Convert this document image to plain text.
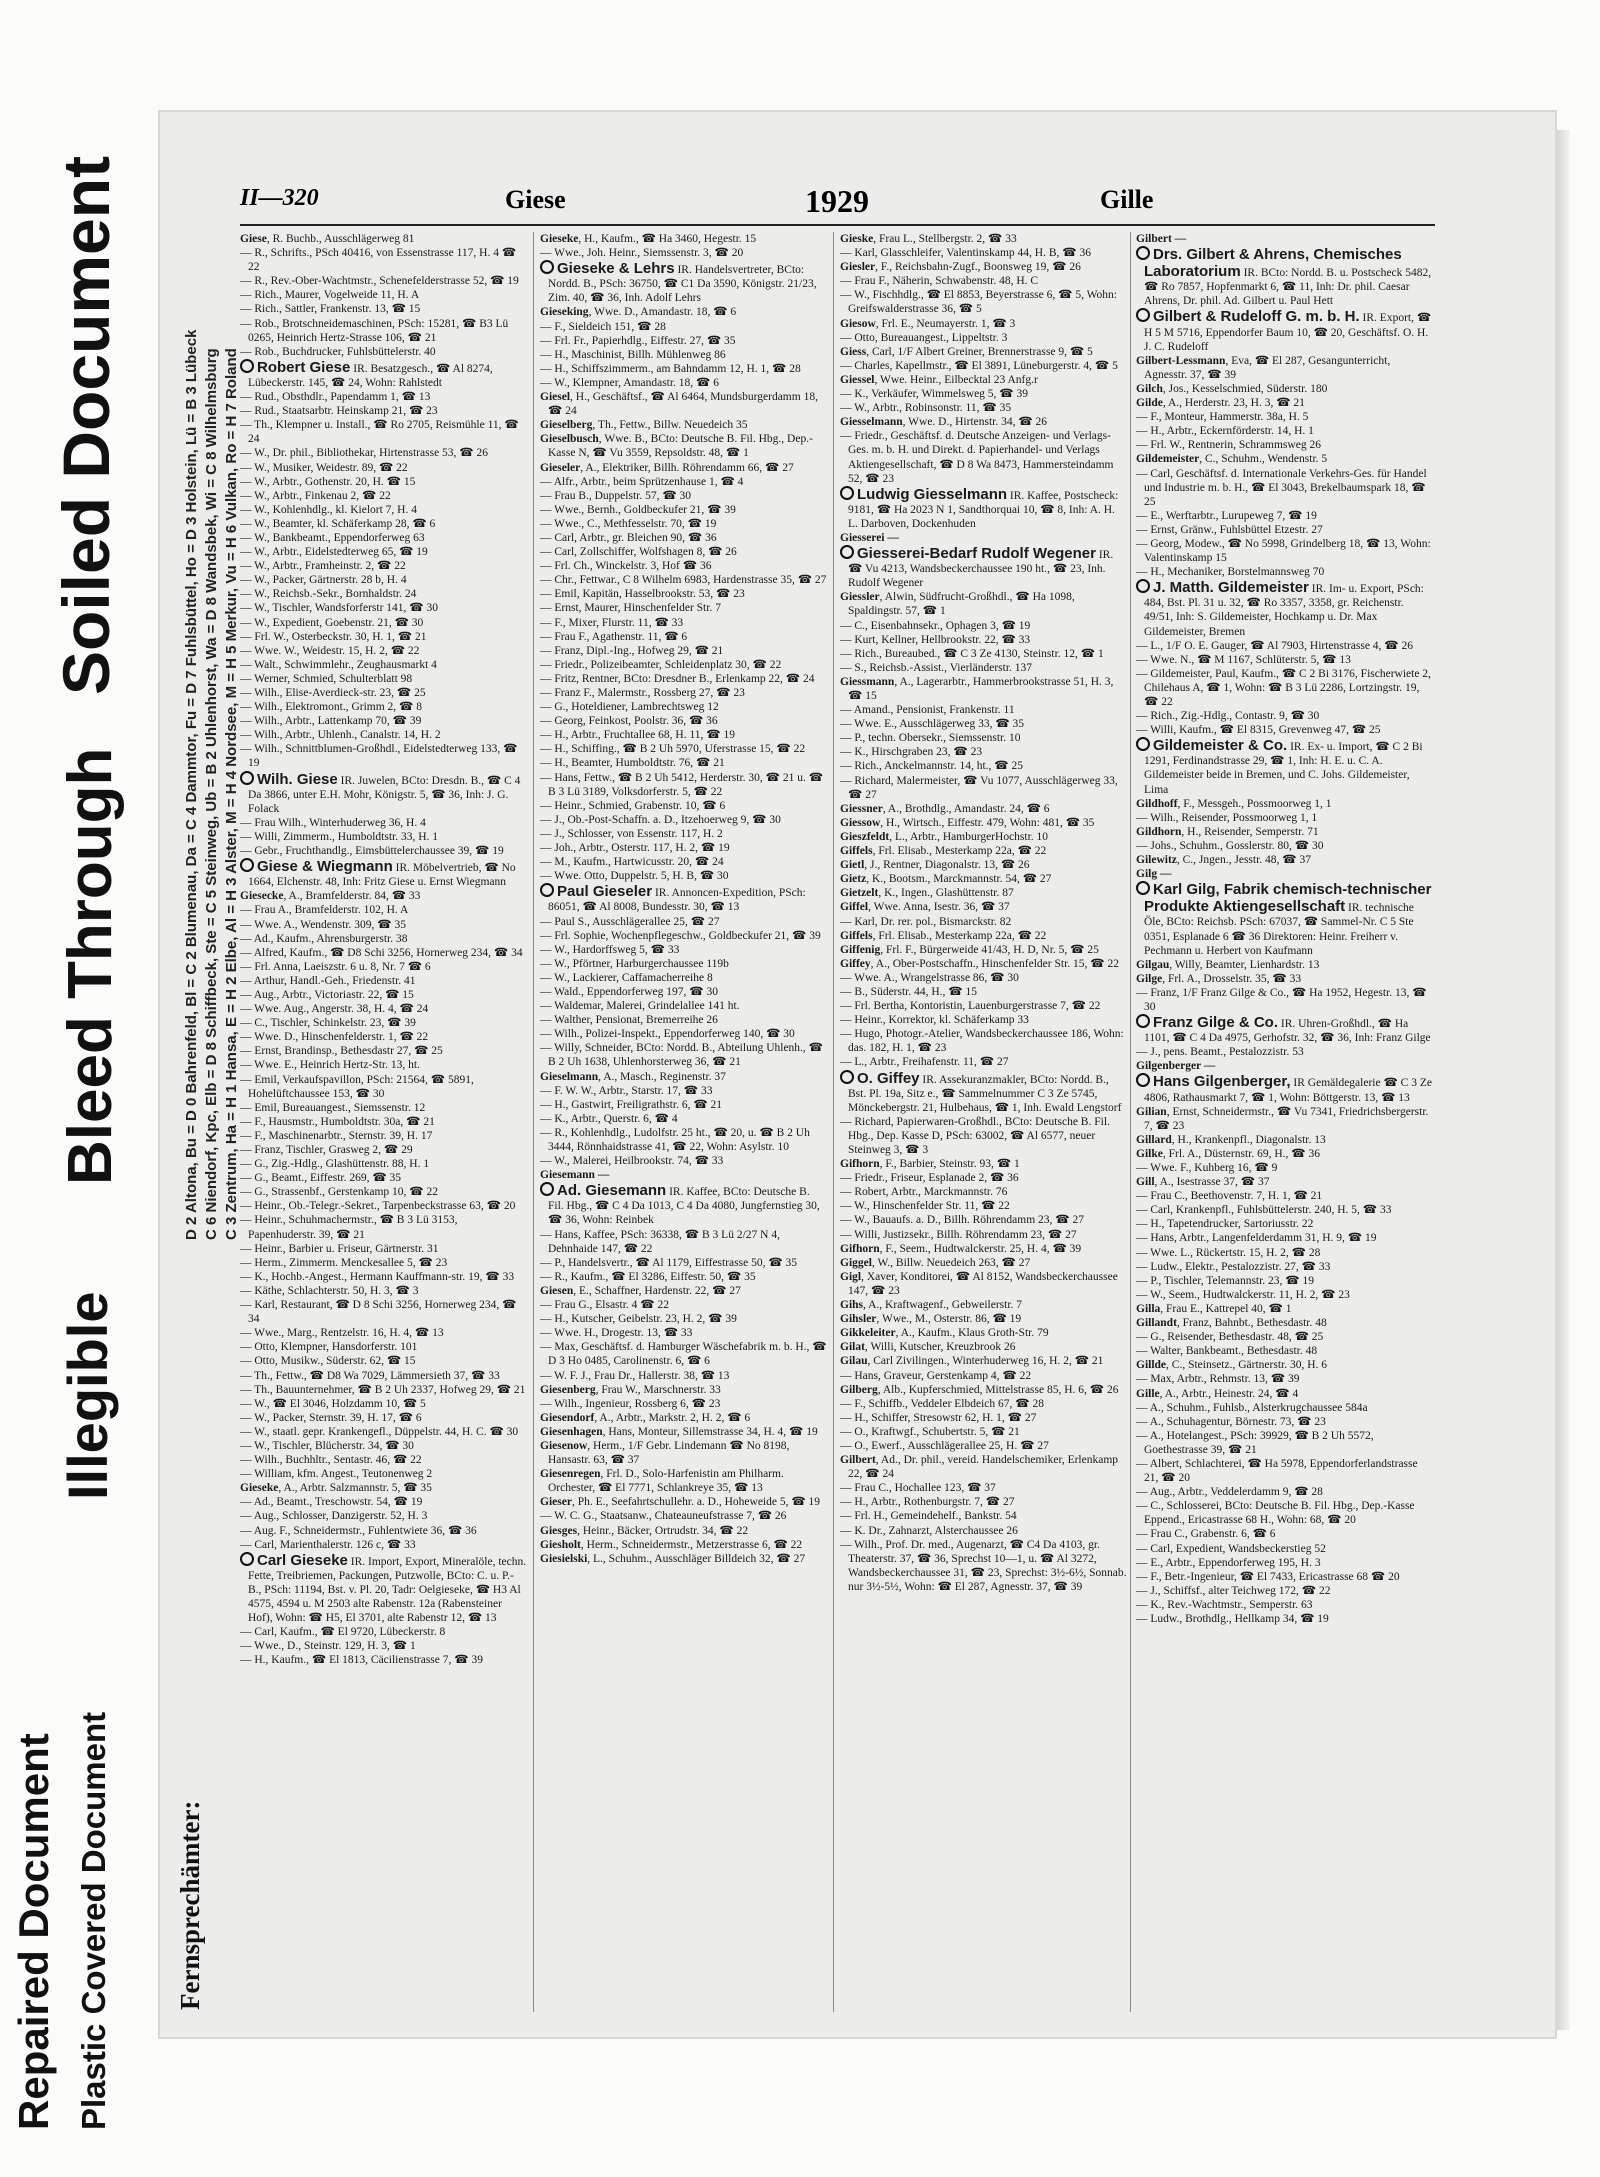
Soiled Document
Bleed Through
Illegible
Repaired Document Plastic Covered Document
D 2 Altona, Bu = D 0 Bahrenfeld, Bl = C 2 Blumenau, Da = C 4 Dammtor, Fu = D 7 Fuhlsbüttel, Ho = D 3 Holstein, Lü = B 3 Lübeck C 6 Niendorf, Kpc, Elb = D 8 Schiffbeck, Ste = C 5 Steinweg, Ub = B 2 Uhlenhorst, Wa = D 8 Wandsbek, Wi = C 8 Wilhelmsburg C 3 Zentrum, Ha = H 1 Hansa, E = H 2 Elbe, Al = H 3 Alster, M = H 4 Nordsee, M = H 5 Merkur, Vu = H 6 Vulkan, Ro = H 7 Roland
Fernsprechämter:
II—320	Giese	1929	Gille

Giese, R. Buchb., Ausschlägerweg 81

— R., Schrifts., PSch 40416, von Essenstrasse 117, H. 4 ☎ 22

— R., Rev.-Ober-Wachtmstr., Schenefelderstrasse 52, ☎ 19

— Rich., Maurer, Vogelweide 11, H. A

— Rich., Sattler, Frankenstr. 13, ☎ 15

— Rob., Brotschneidemaschinen, PSch: 15281, ☎ B3 Lü 0265, Heinrich Hertz-Strasse 106, ☎ 21

— Rob., Buchdrucker, Fuhlsbüttelerstr. 40

Robert Giese IR. Besatzgesch., ☎ Al 8274, Lübeckerstr. 145, ☎ 24, Wohn: Rahlstedt

— Rud., Obsthdlr., Papendamm 1, ☎ 13

— Rud., Staatsarbtr. Heinskamp 21, ☎ 23

— Th., Klempner u. Install., ☎ Ro 2705, Reismühle 11, ☎ 24

— W., Dr. phil., Bibliothekar, Hirtenstrasse 53, ☎ 26

— W., Musiker, Weidestr. 89, ☎ 22

— W., Arbtr., Gothenstr. 20, H. ☎ 15

— W., Arbtr., Finkenau 2, ☎ 22

— W., Kohlenhdlg., kl. Kielort 7, H. 4

— W., Beamter, kl. Schäferkamp 28, ☎ 6

— W., Bankbeamt., Eppendorferweg 63

— W., Arbtr., Eidelstedterweg 65, ☎ 19

— W., Arbtr., Framheinstr. 2, ☎ 22

— W., Packer, Gärtnerstr. 28 b, H. 4

— W., Reichsb.-Sekr., Bornhaldstr. 24

— W., Tischler, Wandsforferstr 141, ☎ 30

— W., Expedient, Goebenstr. 21, ☎ 30

— Frl. W., Osterbeckstr. 30, H. 1, ☎ 21

— Wwe. W., Weidestr. 15, H. 2, ☎ 22

— Walt., Schwimmlehr., Zeughausmarkt 4

— Werner, Schmied, Schulterblatt 98

— Wilh., Elise-Averdieck-str. 23, ☎ 25

— Wilh., Elektromont., Grimm 2, ☎ 8

— Wilh., Arbtr., Lattenkamp 70, ☎ 39

— Wilh., Arbtr., Uhlenh., Canalstr. 14, H. 2

— Wilh., Schnittblumen-Großhdl., Eidelstedterweg 133, ☎ 19

Wilh. Giese IR. Juwelen, BCto: Dresdn. B., ☎ C 4 Da 3866, unter E.H. Mohr, Königstr. 5, ☎ 36, Inh: J. G. Folack

— Frau Wilh., Winterhuderweg 36, H. 4

— Willi, Zimmerm., Humboldtstr. 33, H. 1

— Gebr., Fruchthandlg., Eimsbüttelerchaussee 39, ☎ 19

Giese & Wiegmann IR. Möbelvertrieb, ☎ No 1664, Elchenstr. 48, Inh: Fritz Giese u. Ernst Wiegmann

Giesecke, A., Bramfelderstr. 84, ☎ 33

— Frau A., Bramfelderstr. 102, H. A

— Wwe. A., Wendenstr. 309, ☎ 35

— Ad., Kaufm., Ahrensburgerstr. 38

— Alfred, Kaufm., ☎ D8 Schi 3256, Hornerweg 234, ☎ 34

— Frl. Anna, Laeiszstr. 6 u. 8, Nr. 7 ☎ 6

— Arthur, Handl.-Geh., Friedenstr. 41

— Aug., Arbtr., Victoriastr. 22, ☎ 15

— Wwe. Aug., Angerstr. 38, H. 4, ☎ 24

— C., Tischler, Schinkelstr. 23, ☎ 39

— Wwe. D., Hinschenfelderstr. 1, ☎ 22

— Ernst, Brandinsp., Bethesdastr 27, ☎ 25

— Wwe. E., Heinrich Hertz-Str. 13, ht.

— Emil, Verkaufspavillon, PSch: 21564, ☎ 5891, Hohelüftchaussee 153, ☎ 30

— Emil, Bureauangest., Siemssenstr. 12

— F., Hausmstr., Humboldtstr. 30a, ☎ 21

— F., Maschinenarbtr., Sternstr. 39, H. 17

— Franz, Tischler, Grasweg 2, ☎ 29

— G., Zig.-Hdlg., Glashüttenstr. 88, H. 1

— G., Beamt., Eiffestr. 269, ☎ 35

— G., Strassenbf., Gerstenkamp 10, ☎ 22

— Heinr., Ob.-Telegr.-Sekret., Tarpenbeckstrasse 63, ☎ 20

— Heinr., Schuhmachermstr., ☎ B 3 Lü 3153, Papenhuderstr. 39, ☎ 21

— Heinr., Barbier u. Friseur, Gärtnerstr. 31

— Herm., Zimmerm. Menckesallee 5, ☎ 23

— K., Hochb.-Angest., Hermann Kauffmann-str. 19, ☎ 33

— Käthe, Schlachterstr. 50, H. 3, ☎ 3

— Karl, Restaurant, ☎ D 8 Schi 3256, Hornerweg 234, ☎ 34

— Wwe., Marg., Rentzelstr. 16, H. 4, ☎ 13

— Otto, Klempner, Hansdorferstr. 101

— Otto, Musikw., Süderstr. 62, ☎ 15

— Th., Fettw., ☎ D8 Wa 7029, Lämmersieth 37, ☎ 33

— Th., Bauunternehmer, ☎ B 2 Uh 2337, Hofweg 29, ☎ 21

— W., ☎ El 3046, Holzdamm 10, ☎ 5

— W., Packer, Sternstr. 39, H. 17, ☎ 6

— W., staatl. gepr. Krankengefl., Düppelstr. 44, H. C. ☎ 30

— W., Tischler, Blücherstr. 34, ☎ 30

— Wilh., Buchhltr., Sentastr. 46, ☎ 22

— William, kfm. Angest., Teutonenweg 2

Gieseke, A., Arbtr. Salzmannstr. 5, ☎ 35

— Ad., Beamt., Treschowstr. 54, ☎ 19

— Aug., Schlosser, Danzigerstr. 52, H. 3

— Aug. F., Schneidermstr., Fuhlentwiete 36, ☎ 36

— Carl, Marienthalerstr. 126 c, ☎ 33

Carl Gieseke IR. Import, Export, Mineralöle, techn. Fette, Treibriemen, Packungen, Putzwolle, BCto: C. u. P.-B., PSch: 11194, Bst. v. Pl. 20, Tadr: Oelgieseke, ☎ H3 Al 4575, 4594 u. M 2503 alte Rabenstr. 12a (Rabensteiner Hof), Wohn: ☎ H5, El 3701, alte Rabenstr 12, ☎ 13

— Carl, Kaufm., ☎ El 9720, Lübeckerstr. 8

— Wwe., D., Steinstr. 129, H. 3, ☎ 1

— H., Kaufm., ☎ El 1813, Cäcilienstrasse 7, ☎ 39

Gieseke, H., Kaufm., ☎ Ha 3460, Hegestr. 15

— Wwe., Joh. Heinr., Siemssenstr. 3, ☎ 20

Gieseke & Lehrs IR. Handelsvertreter, BCto: Nordd. B., PSch: 36750, ☎ C1 Da 3590, Königstr. 21/23, Zim. 40, ☎ 36, Inh. Adolf Lehrs

Gieseking, Wwe. D., Amandastr. 18, ☎ 6

— F., Sieldeich 151, ☎ 28

— Frl. Fr., Papierhdlg., Eiffestr. 27, ☎ 35

— H., Maschinist, Billh. Mühlenweg 86

— H., Schiffszimmerm., am Bahndamm 12, H. 1, ☎ 28

— W., Klempner, Amandastr. 18, ☎ 6

Giesel, H., Geschäftsf., ☎ Al 6464, Mundsburgerdamm 18, ☎ 24

Gieselberg, Th., Fettw., Billw. Neuedeich 35

Gieselbusch, Wwe. B., BCto: Deutsche B. Fil. Hbg., Dep.-Kasse N, ☎ Vu 3559, Repsoldstr. 48, ☎ 1

Gieseler, A., Elektriker, Billh. Röhrendamm 66, ☎ 27

— Alfr., Arbtr., beim Sprützenhause 1, ☎ 4

— Frau B., Duppelstr. 57, ☎ 30

— Wwe., Bernh., Goldbeckufer 21, ☎ 39

— Wwe., C., Methfesselstr. 70, ☎ 19

— Carl, Arbtr., gr. Bleichen 90, ☎ 36

— Carl, Zollschiffer, Wolfshagen 8, ☎ 26

— Frl. Ch., Winckelstr. 3, Hof ☎ 36

— Chr., Fettwar., C 8 Wilhelm 6983, Hardenstrasse 35, ☎ 27

— Emil, Kapitän, Hasselbrookstr. 53, ☎ 23

— Ernst, Maurer, Hinschenfelder Str. 7

— F., Mixer, Flurstr. 11, ☎ 33

— Frau F., Agathenstr. 11, ☎ 6

— Franz, Dipl.-Ing., Hofweg 29, ☎ 21

— Friedr., Polizeibeamter, Schleidenplatz 30, ☎ 22

— Fritz, Rentner, BCto: Dresdner B., Erlenkamp 22, ☎ 24

— Franz F., Malermstr., Rossberg 27, ☎ 23

— G., Hoteldiener, Lambrechtsweg 12

— Georg, Feinkost, Poolstr. 36, ☎ 36

— H., Arbtr., Fruchtallee 68, H. 11, ☎ 19

— H., Schiffing., ☎ B 2 Uh 5970, Uferstrasse 15, ☎ 22

— H., Beamter, Humboldtstr. 76, ☎ 21

— Hans, Fettw., ☎ B 2 Uh 5412, Herderstr. 30, ☎ 21 u. ☎ B 3 Lü 3189, Volksdorferstr. 5, ☎ 22

— Heinr., Schmied, Grabenstr. 10, ☎ 6

— J., Ob.-Post-Schaffn. a. D., Itzehoerweg 9, ☎ 30

— J., Schlosser, von Essenstr. 117, H. 2

— Joh., Arbtr., Osterstr. 117, H. 2, ☎ 19

— M., Kaufm., Hartwicusstr. 20, ☎ 24

— Wwe. Otto, Duppelstr. 5, H. B, ☎ 30

Paul Gieseler IR. Annoncen-Expedition, PSch: 86051, ☎ Al 8008, Bundesstr. 30, ☎ 13

— Paul S., Ausschlägerallee 25, ☎ 27

— Frl. Sophie, Wochenpflegeschw., Goldbeckufer 21, ☎ 39

— W., Hardorffsweg 5, ☎ 33

— W., Pförtner, Harburgerchaussee 119b

— W., Lackierer, Caffamacherreihe 8

— Wald., Eppendorferweg 197, ☎ 30

— Waldemar, Malerei, Grindelallee 141 ht.

— Walther, Pensionat, Bremerreihe 26

— Wilh., Polizei-Inspekt., Eppendorferweg 140, ☎ 30

— Willy, Schneider, BCto: Nordd. B., Abteilung Uhlenh., ☎ B 2 Uh 1638, Uhlenhorsterweg 36, ☎ 21

Gieselmann, A., Masch., Reginenstr. 37

— F. W. W., Arbtr., Starstr. 17, ☎ 33

— H., Gastwirt, Freiligrathstr. 6, ☎ 21

— K., Arbtr., Querstr. 6, ☎ 4

— R., Kohlenhdlg., Ludolfstr. 25 ht., ☎ 20, u. ☎ B 2 Uh 3444, Rönnhaidstrasse 41, ☎ 22, Wohn: Asylstr. 10

— W., Malerei, Heilbrookstr. 74, ☎ 33

Giesemann —

Ad. Giesemann IR. Kaffee, BCto: Deutsche B. Fil. Hbg., ☎ C 4 Da 1013, C 4 Da 4080, Jungfernstieg 30, ☎ 36, Wohn: Reinbek

— Hans, Kaffee, PSch: 36338, ☎ B 3 Lü 2/27 N 4, Dehnhaide 147, ☎ 22

— P., Handelsvertr., ☎ Al 1179, Eiffestrasse 50, ☎ 35

— R., Kaufm., ☎ El 3286, Eiffestr. 50, ☎ 35

Giesen, E., Schaffner, Hardenstr. 22, ☎ 27

— Frau G., Elsastr. 4 ☎ 22

— H., Kutscher, Geibelstr. 23, H. 2, ☎ 39

— Wwe. H., Drogestr. 13, ☎ 33

— Max, Geschäftsf. d. Hamburger Wäschefabrik m. b. H., ☎ D 3 Ho 0485, Carolinenstr. 6, ☎ 6

— W. F. J., Frau Dr., Hallerstr. 38, ☎ 13

Giesenberg, Frau W., Marschnerstr. 33

— Wilh., Ingenieur, Rossberg 6, ☎ 23

Giesendorf, A., Arbtr., Markstr. 2, H. 2, ☎ 6

Giesenhagen, Hans, Monteur, Sillemstrasse 34, H. 4, ☎ 19

Giesenow, Herm., 1/F Gebr. Lindemann ☎ No 8198, Hansastr. 63, ☎ 37

Giesenregen, Frl. D., Solo-Harfenistin am Philharm. Orchester, ☎ El 7771, Schlankreye 35, ☎ 13

Gieser, Ph. E., Seefahrtschullehr. a. D., Hoheweide 5, ☎ 19

— W. C. G., Staatsanw., Chateauneufstrasse 7, ☎ 26

Giesges, Heinr., Bäcker, Ortrudstr. 34, ☎ 22

Giesholt, Herm., Schneidermstr., Metzerstrasse 6, ☎ 22

Giesielski, L., Schuhm., Ausschläger Billdeich 32, ☎ 27

Gieske, Frau L., Stellbergstr. 2, ☎ 33

— Karl, Glasschleifer, Valentinskamp 44, H. B, ☎ 36

Giesler, F., Reichsbahn-Zugf., Boonsweg 19, ☎ 26

— Frau F., Näherin, Schwabenstr. 48, H. C

— W., Fischhdlg., ☎ El 8853, Beyerstrasse 6, ☎ 5, Wohn: Greifswalderstrasse 36, ☎ 5

Giesow, Frl. E., Neumayerstr. 1, ☎ 3

— Otto, Bureauangest., Lippeltstr. 3

Giess, Carl, 1/F Albert Greiner, Brennerstrasse 9, ☎ 5

— Charles, Kapellmstr., ☎ El 3891, Lüneburgerstr. 4, ☎ 5

Giessel, Wwe. Heinr., Eilbecktal 23 Anfg.r

— K., Verkäufer, Wimmelsweg 5, ☎ 39

— W., Arbtr., Robinsonstr. 11, ☎ 35

Giesselmann, Wwe. D., Hirtenstr. 34, ☎ 26

— Friedr., Geschäftsf. d. Deutsche Anzeigen- und Verlags-Ges. m. b. H. und Direkt. d. Papierhandel- und Verlags Aktiengesellschaft, ☎ D 8 Wa 8473, Hammersteindamm 52, ☎ 23

Ludwig Giesselmann IR. Kaffee, Postscheck: 9181, ☎ Ha 2023 N 1, Sandthorquai 10, ☎ 8, Inh: A. H. L. Darboven, Dockenhuden

Giesserei —

Giesserei-Bedarf Rudolf Wegener IR. ☎ Vu 4213, Wandsbeckerchaussee 190 ht., ☎ 23, Inh. Rudolf Wegener

Giessler, Alwin, Südfrucht-Großhdl., ☎ Ha 1098, Spaldingstr. 57, ☎ 1

— C., Eisenbahnsekr., Ophagen 3, ☎ 19

— Kurt, Kellner, Hellbrookstr. 22, ☎ 33

— Rich., Bureaubed., ☎ C 3 Ze 4130, Steinstr. 12, ☎ 1

— S., Reichsb.-Assist., Vierländerstr. 137

Giessmann, A., Lagerarbtr., Hammerbrookstrasse 51, H. 3, ☎ 15

— Amand., Pensionist, Frankenstr. 11

— Wwe. E., Ausschlägerweg 33, ☎ 35

— P., techn. Obersekr., Siemssenstr. 10

— K., Hirschgraben 23, ☎ 23

— Rich., Anckelmannstr. 14, ht., ☎ 25

— Richard, Malermeister, ☎ Vu 1077, Ausschlägerweg 33, ☎ 27

Giessner, A., Brothdlg., Amandastr. 24, ☎ 6

Giessow, H., Wirtsch., Eiffestr. 479, Wohn: 481, ☎ 35

Gieszfeldt, L., Arbtr., HamburgerHochstr. 10

Giffels, Frl. Elisab., Mesterkamp 22a, ☎ 22

Gietl, J., Rentner, Diagonalstr. 13, ☎ 26

Gietz, K., Bootsm., Marckmannstr. 54, ☎ 27

Gietzelt, K., Ingen., Glashüttenstr. 87

Giffel, Wwe. Anna, Isestr. 36, ☎ 37

— Karl, Dr. rer. pol., Bismarckstr. 82

Giffels, Frl. Elisab., Mesterkamp 22a, ☎ 22

Giffenig, Frl. F., Bürgerweide 41/43, H. D, Nr. 5, ☎ 25

Giffey, A., Ober-Postschaffn., Hinschenfelder Str. 15, ☎ 22

— Wwe. A., Wrangelstrasse 86, ☎ 30

— B., Süderstr. 44, H., ☎ 15

— Frl. Bertha, Kontoristin, Lauenburgerstrasse 7, ☎ 22

— Heinr., Korrektor, kl. Schäferkamp 33

— Hugo, Photogr.-Atelier, Wandsbeckerchaussee 186, Wohn: das. 182, H. 1, ☎ 23

— L., Arbtr., Freihafenstr. 11, ☎ 27

O. Giffey IR. Assekuranzmakler, BCto: Nordd. B., Bst. Pl. 19a, Sitz e., ☎ Sammelnummer C 3 Ze 5745, Mönckebergstr. 21, Hulbehaus, ☎ 1, Inh. Ewald Lengstorf

— Richard, Papierwaren-Großhdl., BCto: Deutsche B. Fil. Hbg., Dep. Kasse D, PSch: 63002, ☎ Al 6577, neuer Steinweg 3, ☎ 3

Gifhorn, F., Barbier, Steinstr. 93, ☎ 1

— Friedr., Friseur, Esplanade 2, ☎ 36

— Robert, Arbtr., Marckmannstr. 76

— W., Hinschenfelder Str. 11, ☎ 22

— W., Bauaufs. a. D., Billh. Röhrendamm 23, ☎ 27

— Willi, Justizsekr., Billh. Röhrendamm 23, ☎ 27

Gifhorn, F., Seem., Hudtwalckerstr. 25, H. 4, ☎ 39

Giggel, W., Billw. Neuedeich 263, ☎ 27

Gigl, Xaver, Konditorei, ☎ Al 8152, Wandsbeckerchaussee 147, ☎ 23

Gihs, A., Kraftwagenf., Gebweilerstr. 7

Gihsler, Wwe., M., Osterstr. 86, ☎ 19

Gikkeleiter, A., Kaufm., Klaus Groth-Str. 79

Gilat, Willi, Kutscher, Kreuzbrook 26

Gilau, Carl Zivilingen., Winterhuderweg 16, H. 2, ☎ 21

— Hans, Graveur, Gerstenkamp 4, ☎ 22

Gilberg, Alb., Kupferschmied, Mittelstrasse 85, H. 6, ☎ 26

— F., Schiffb., Veddeler Elbdeich 67, ☎ 28

— H., Schiffer, Stresowstr 62, H. 1, ☎ 27

— O., Kraftwgf., Schubertstr. 5, ☎ 21

— O., Ewerf., Ausschlägerallee 25, H. ☎ 27

Gilbert, Ad., Dr. phil., vereid. Handelschemiker, Erlenkamp 22, ☎ 24

— Frau C., Hochallee 123, ☎ 37

— H., Arbtr., Rothenburgstr. 7, ☎ 27

— Frl. H., Gemeindehelf., Bankstr. 54

— K. Dr., Zahnarzt, Alsterchaussee 26

— Wilh., Prof. Dr. med., Augenarzt, ☎ C4 Da 4103, gr. Theaterstr. 37, ☎ 36, Sprechst 10—1, u. ☎ Al 3272, Wandsbeckerchaussee 31, ☎ 23, Sprechst: 3½-6½, Sonnab. nur 3½-5½, Wohn: ☎ El 287, Agnesstr. 37, ☎ 39

Gilbert —

Drs. Gilbert & Ahrens, Chemisches Laboratorium IR. BCto: Nordd. B. u. Postscheck 5482, ☎ Ro 7857, Hopfenmarkt 6, ☎ 11, Inh: Dr. phil. Caesar Ahrens, Dr. phil. Ad. Gilbert u. Paul Hett

Gilbert & Rudeloff G. m. b. H. IR. Export, ☎ H 5 M 5716, Eppendorfer Baum 10, ☎ 20, Geschäftsf. O. H. J. C. Rudeloff

Gilbert-Lessmann, Eva, ☎ El 287, Gesangunterricht, Agnesstr. 37, ☎ 39

Gilch, Jos., Kesselschmied, Süderstr. 180

Gilde, A., Herderstr. 23, H. 3, ☎ 21

— F., Monteur, Hammerstr. 38a, H. 5

— H., Arbtr., Eckernförderstr. 14, H. 1

— Frl. W., Rentnerin, Schrammsweg 26

Gildemeister, C., Schuhm., Wendenstr. 5

— Carl, Geschäftsf. d. Internationale Verkehrs-Ges. für Handel und Industrie m. b. H., ☎ El 3043, Brekelbaumspark 18, ☎ 25

— E., Werftarbtr., Lurupeweg 7, ☎ 19

— Ernst, Gränw., Fuhlsbüttel Etzestr. 27

— Georg, Modew., ☎ No 5998, Grindelberg 18, ☎ 13, Wohn: Valentinskamp 15

— H., Mechaniker, Borstelmannsweg 70

J. Matth. Gildemeister IR. Im- u. Export, PSch: 484, Bst. Pl. 31 u. 32, ☎ Ro 3357, 3358, gr. Reichenstr. 49/51, Inh: S. Gildemeister, Hochkamp u. Dr. Max Gildemeister, Bremen

— L., 1/F O. E. Gauger, ☎ Al 7903, Hirtenstrasse 4, ☎ 26

— Wwe. N., ☎ M 1167, Schlüterstr. 5, ☎ 13

— Gildemeister, Paul, Kaufm., ☎ C 2 Bi 3176, Fischerwiete 2, Chilehaus A, ☎ 1, Wohn: ☎ B 3 Lü 2286, Lortzingstr. 19, ☎ 22

— Rich., Zig.-Hdlg., Contastr. 9, ☎ 30

— Willi, Kaufm., ☎ El 8315, Grevenweg 47, ☎ 25

Gildemeister & Co. IR. Ex- u. Import, ☎ C 2 Bi 1291, Ferdinandstrasse 29, ☎ 1, Inh: H. E. u. C. A. Gildemeister beide in Bremen, und C. Johs. Gildemeister, Lima

Gildhoff, F., Messgeh., Possmoorweg 1, 1

— Wilh., Reisender, Possmoorweg 1, 1

Gildhorn, H., Reisender, Semperstr. 71

— Johs., Schuhm., Gosslerstr. 80, ☎ 30

Gilewitz, C., Jngen., Jesstr. 48, ☎ 37

Gilg —

Karl Gilg, Fabrik chemisch-technischer Produkte Aktiengesellschaft IR. technische Öle, BCto: Reichsb. PSch: 67037, ☎ Sammel-Nr. C 5 Ste 0351, Esplanade 6 ☎ 36 Direktoren: Heinr. Freiherr v. Pechmann u. Herbert von Kaufmann

Gilgau, Willy, Beamter, Lienhardstr. 13

Gilge, Frl. A., Drosselstr. 35, ☎ 33

— Franz, 1/F Franz Gilge & Co., ☎ Ha 1952, Hegestr. 13, ☎ 30

Franz Gilge & Co. IR. Uhren-Großhdl., ☎ Ha 1101, ☎ C 4 Da 4975, Gerhofstr. 32, ☎ 36, Inh: Franz Gilge

— J., pens. Beamt., Pestalozzistr. 53

Gilgenberger —

Hans Gilgenberger, IR Gemäldegalerie ☎ C 3 Ze 4806, Rathausmarkt 7, ☎ 1, Wohn: Böttgerstr. 13, ☎ 13

Gilian, Ernst, Schneidermstr., ☎ Vu 7341, Friedrichsbergerstr. 7, ☎ 23

Gillard, H., Krankenpfl., Diagonalstr. 13

Gilke, Frl. A., Düsternstr. 69, H., ☎ 36

— Wwe. F., Kuhberg 16, ☎ 9

Gill, A., Isestrasse 37, ☎ 37

— Frau C., Beethovenstr. 7, H. 1, ☎ 21

— Carl, Krankenpfl., Fuhlsbüttelerstr. 240, H. 5, ☎ 33

— H., Tapetendrucker, Sartoriusstr. 22

— Hans, Arbtr., Langenfelderdamm 31, H. 9, ☎ 19

— Wwe. L., Rückertstr. 15, H. 2, ☎ 28

— Ludw., Elektr., Pestalozzistr. 27, ☎ 33

— P., Tischler, Telemannstr. 23, ☎ 19

— W., Seem., Hudtwalckerstr. 11, H. 2, ☎ 23

Gilla, Frau E., Kattrepel 40, ☎ 1

Gillandt, Franz, Bahnbt., Bethesdastr. 48

— G., Reisender, Bethesdastr. 48, ☎ 25

— Walter, Bankbeamt., Bethesdastr. 48

Gillde, C., Steinsetz., Gärtnerstr. 30, H. 6

— Max, Arbtr., Rehmstr. 13, ☎ 39

Gille, A., Arbtr., Heinestr. 24, ☎ 4

— A., Schuhm., Fuhlsb., Alsterkrugchaussee 584a

— A., Schuhagentur, Börnestr. 73, ☎ 23

— A., Hotelangest., PSch: 39929, ☎ B 2 Uh 5572, Goethestrasse 39, ☎ 21

— Albert, Schlachterei, ☎ Ha 5978, Eppendorferlandstrasse 21, ☎ 20

— Aug., Arbtr., Veddelerdamm 9, ☎ 28

— C., Schlosserei, BCto: Deutsche B. Fil. Hbg., Dep.-Kasse Eppend., Ericastrasse 68 H., Wohn: 68, ☎ 20

— Frau C., Grabenstr. 6, ☎ 6

— Carl, Expedient, Wandsbeckerstieg 52

— E., Arbtr., Eppendorferweg 195, H. 3

— F., Betr.-Ingenieur, ☎ El 7433, Ericastrasse 68 ☎ 20

— J., Schiffsf., alter Teichweg 172, ☎ 22

— K., Rev.-Wachtmstr., Semperstr. 63

— Ludw., Brothdlg., Hellkamp 34, ☎ 19
